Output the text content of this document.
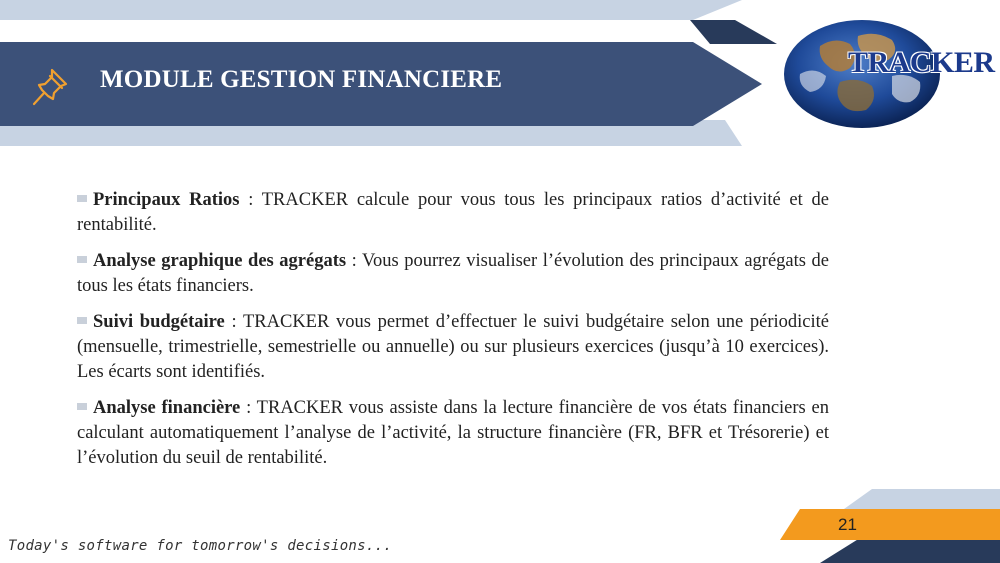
MODULE GESTION FINANCIERE
TRACKER

Principaux Ratios : TRACKER calcule pour vous tous les principaux ratios d’activité et de rentabilité.

Analyse graphique des agrégats : Vous pourrez visualiser l’évolution des principaux agrégats de tous les états financiers.

Suivi budgétaire : TRACKER vous permet d’effectuer le suivi budgétaire selon une périodicité (mensuelle, trimestrielle, semestrielle ou annuelle) ou sur plusieurs exercices (jusqu’à 10 exercices). Les écarts sont identifiés.

Analyse financière : TRACKER vous assiste dans la lecture financière de vos états financiers en calculant automatiquement l’analyse de l’activité, la structure financière (FR, BFR et Trésorerie) et l’évolution du seuil de rentabilité.

21
Today's software for tomorrow's decisions...
